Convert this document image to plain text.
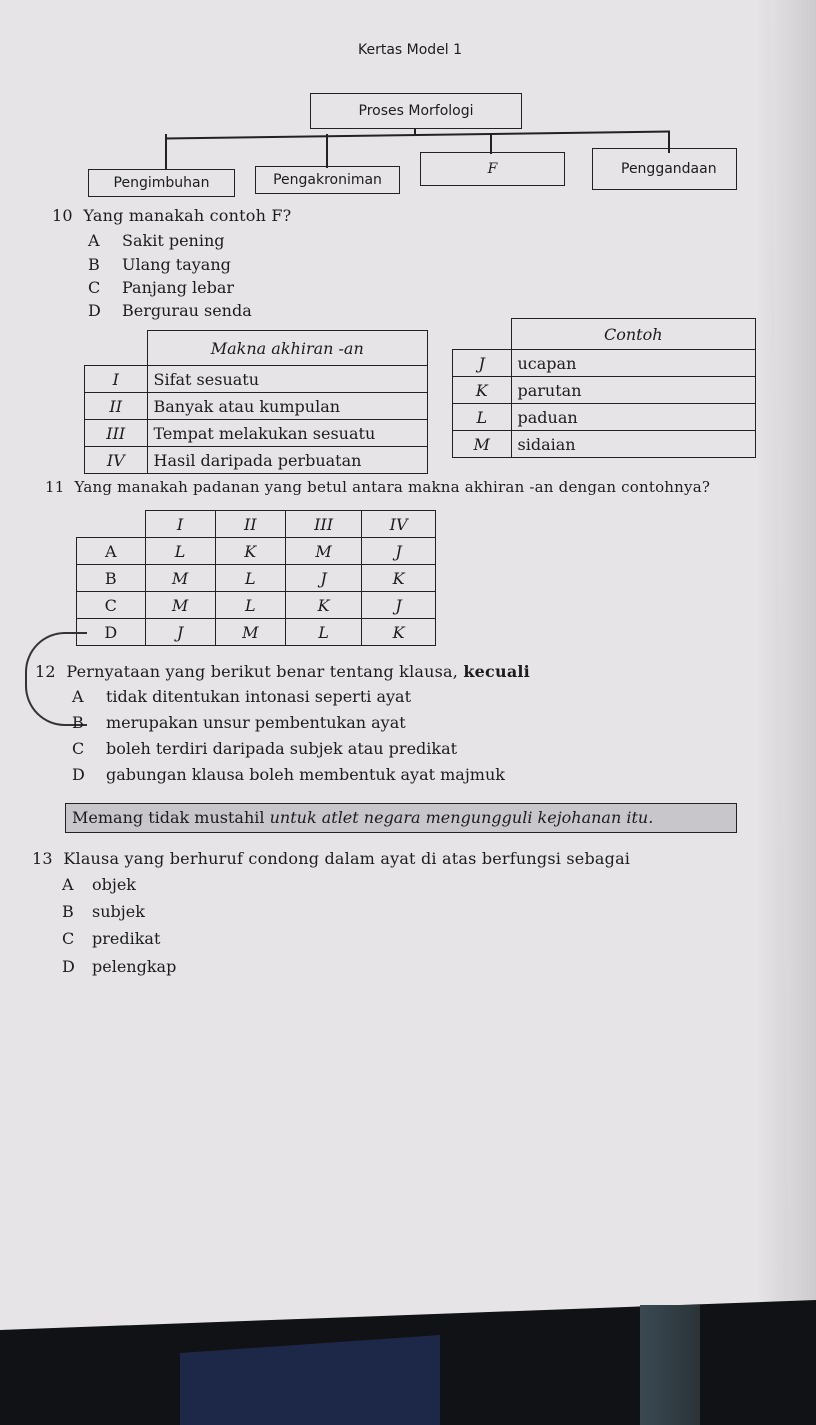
Kertas Model 1
Proses Morfologi
Pengimbuhan	Pengakroniman
F	Penggandaan
10 Yang manakah contoh F?
A Sakit pening
B Ulang tayang
C Panjang lebar
D Bergurau senda
	Makna akhiran -an
I	Sifat sesuatu
II	Banyak atau kumpulan
III	Tempat melakukan sesuatu
IV	Hasil daripada perbuatan
	Contoh
J	ucapan
K	parutan
L	paduan
M	sidaian
11 Yang manakah padanan yang betul antara makna akhiran -an dengan contohnya?
	I	II	III	IV
A	L	K	M	J
B	M	L	J	K
C	M	L	K	J
D	J	M	L	K
12 Pernyataan yang berikut benar tentang klausa, kecuali
A tidak ditentukan intonasi seperti ayat
B merupakan unsur pembentukan ayat
C boleh terdiri daripada subjek atau predikat
D gabungan klausa boleh membentuk ayat majmuk
Memang tidak mustahil untuk atlet negara mengungguli kejohanan itu.
13 Klausa yang berhuruf condong dalam ayat di atas berfungsi sebagai
A objek
B subjek
C predikat
D pelengkap
